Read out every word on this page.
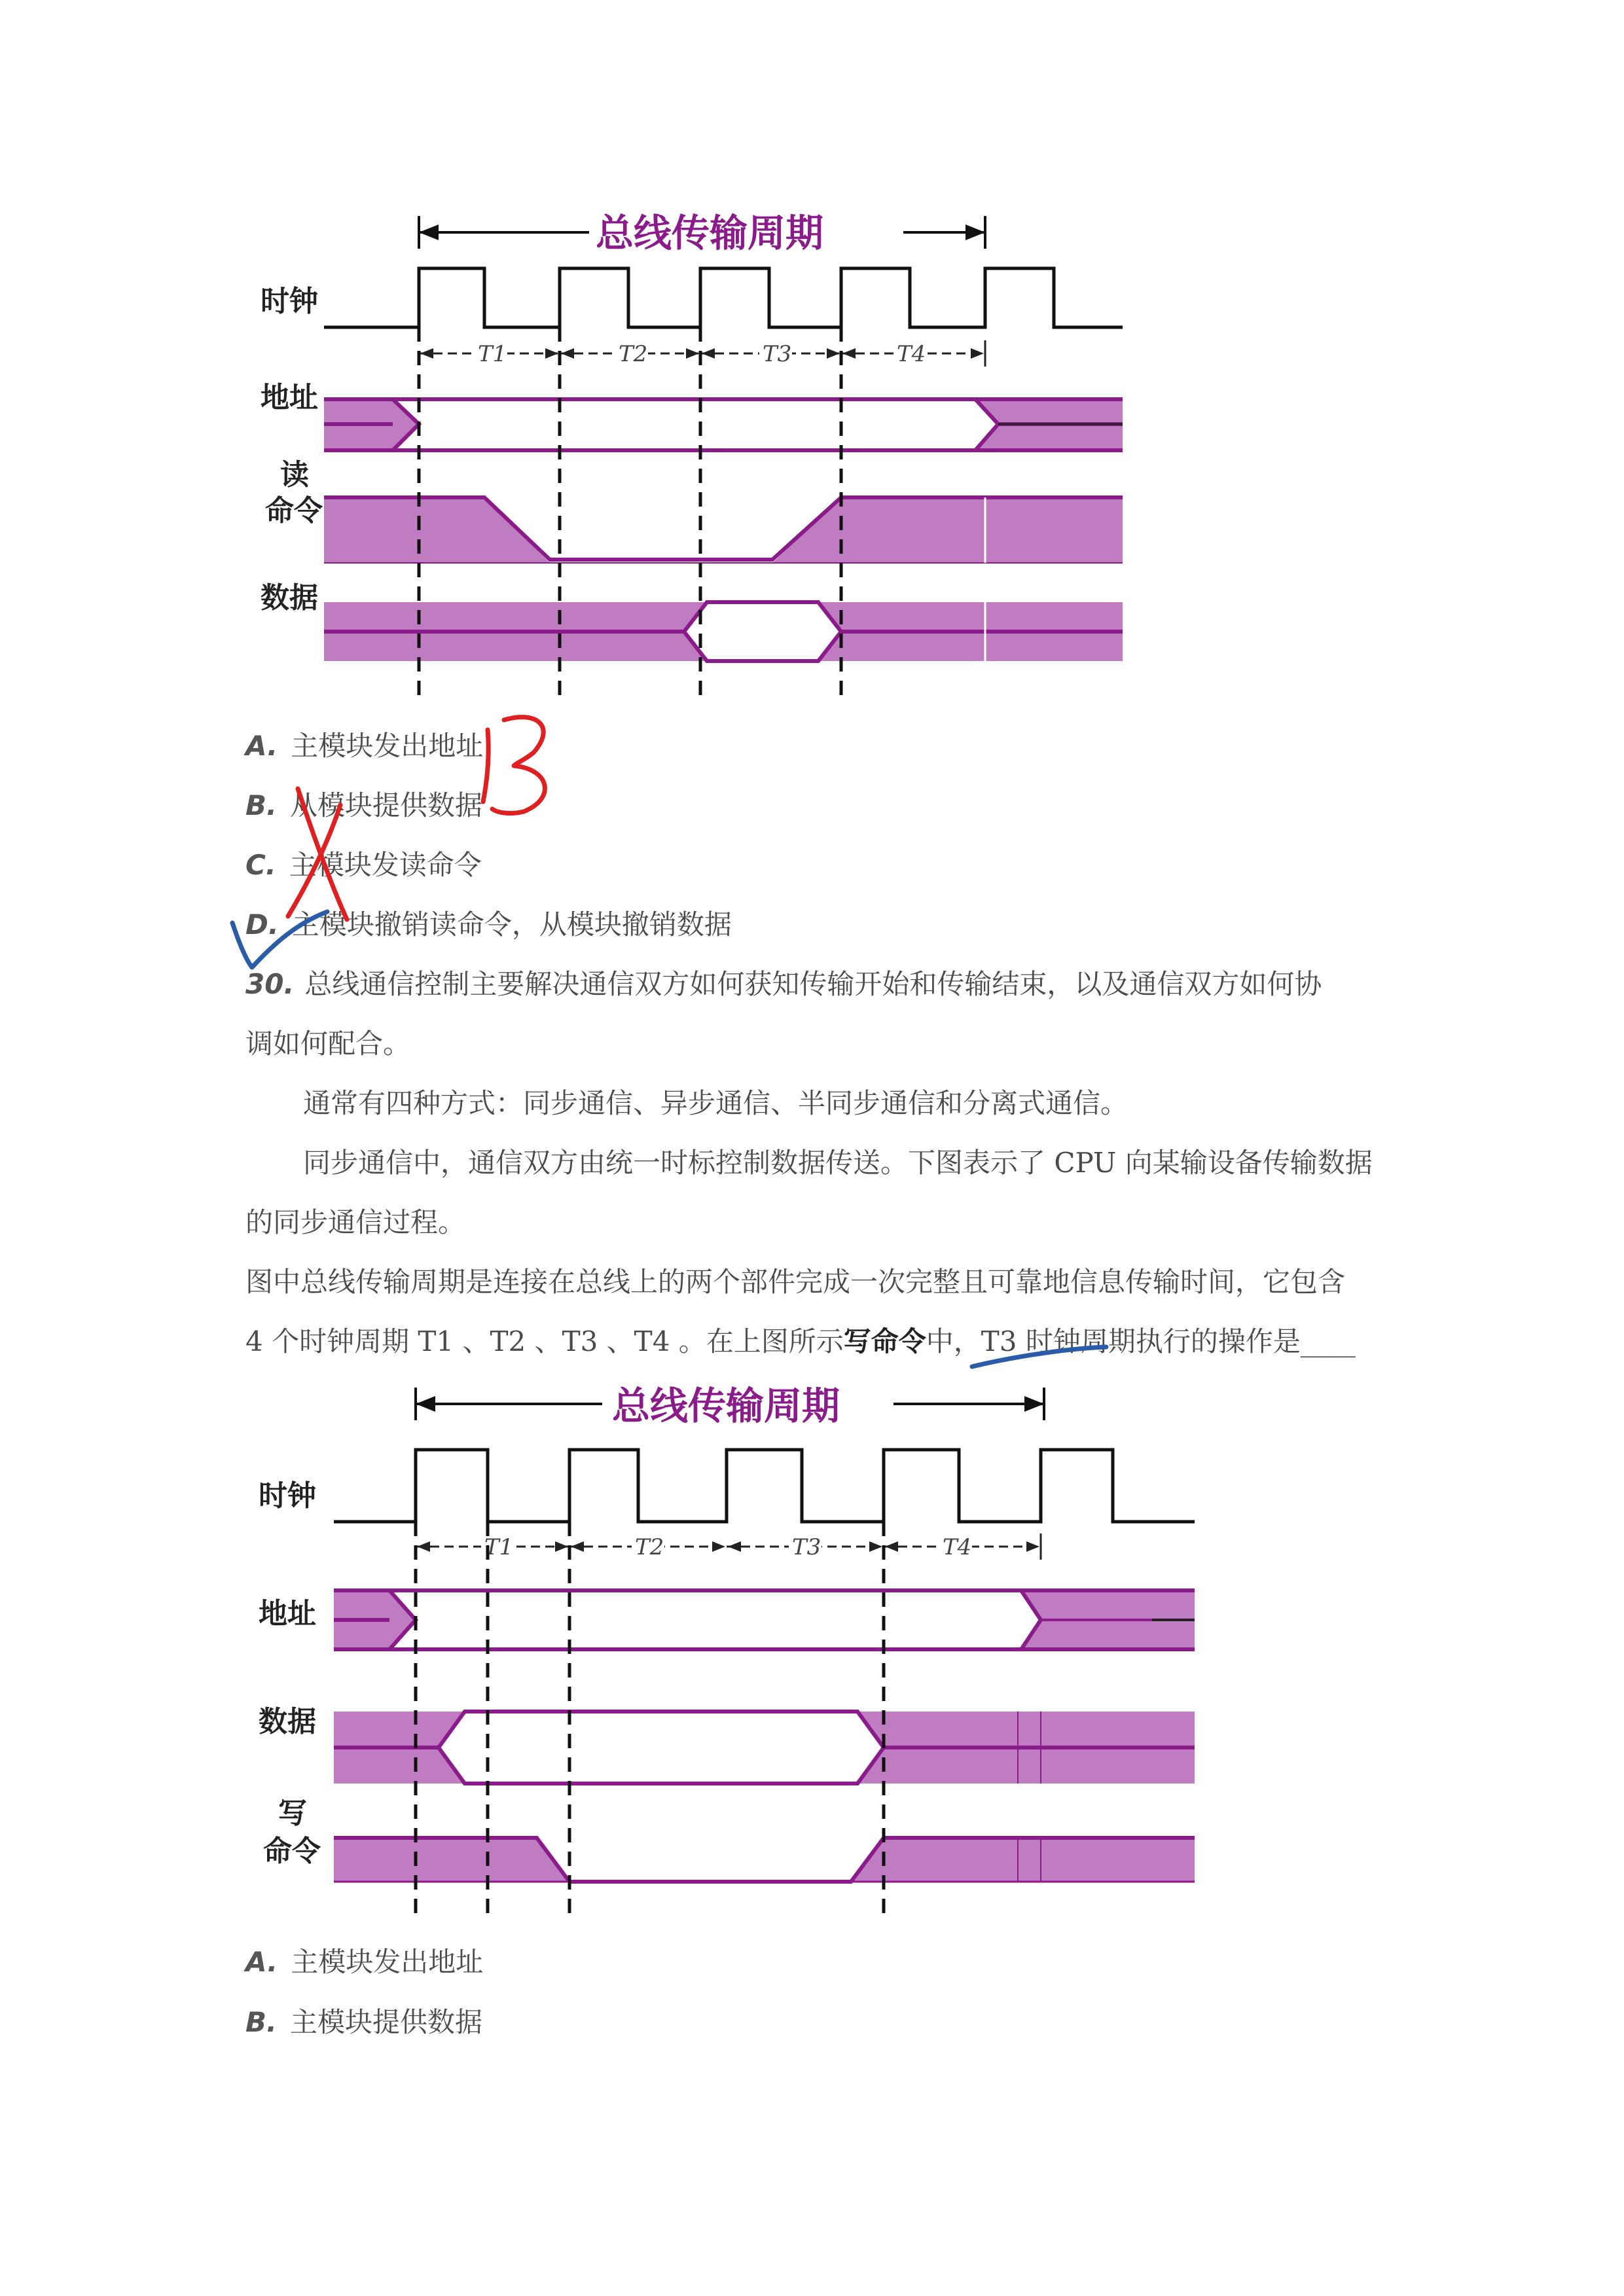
总线传输周期
时钟
地址
读
命令
数据
T1	T2	T3	T4
A. 主模块发出地址
B. 从模块提供数据
C. 主模块发读命令
D. 主模块撤销读命令，从模块撤销数据
30. 总线通信控制主要解决通信双方如何获知传输开始和传输结束，以及通信双方如何协
调如何配合。
通常有四种方式：同步通信、异步通信、半同步通信和分离式通信。
同步通信中，通信双方由统一时标控制数据传送。下图表示了 CPU 向某输设备传输数据
的同步通信过程。
图中总线传输周期是连接在总线上的两个部件完成一次完整且可靠地信息传输时间，它包含
4 个时钟周期 T1 、T2 、T3 、T4 。在上图所示写命令中，T3 时钟周期执行的操作是____
总线传输周期
时钟
地址
数据
写
命令
T1	T2	T3	T4
A. 主模块发出地址
B. 主模块提供数据
